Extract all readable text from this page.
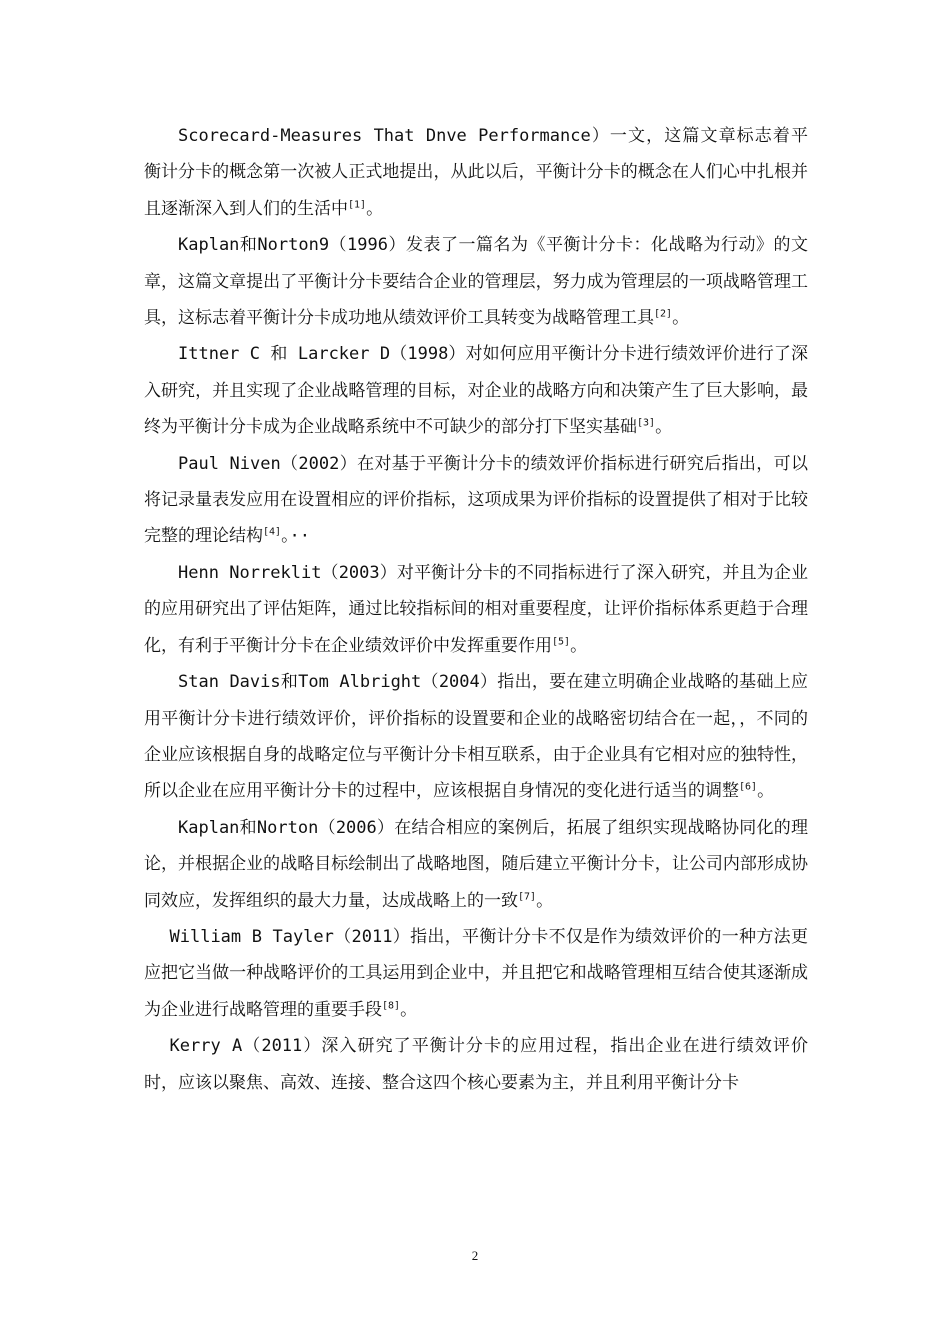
Scorecard-Measures That Dnve Performance）一文，这篇文章标志着平衡计分卡的概念第一次被人正式地提出，从此以后，平衡计分卡的概念在人们心中扎根并且逐渐深入到人们的生活中[1]。

Kaplan和Norton9（1996）发表了一篇名为《平衡计分卡：化战略为行动》的文章，这篇文章提出了平衡计分卡要结合企业的管理层，努力成为管理层的一项战略管理工具，这标志着平衡计分卡成功地从绩效评价工具转变为战略管理工具[2]。

Ittner C 和 Larcker D（1998）对如何应用平衡计分卡进行绩效评价进行了深入研究，并且实现了企业战略管理的目标，对企业的战略方向和决策产生了巨大影响，最终为平衡计分卡成为企业战略系统中不可缺少的部分打下坚实基础[3]。

Paul Niven（2002）在对基于平衡计分卡的绩效评价指标进行研究后指出，可以将记录量表发应用在设置相应的评价指标，这项成果为评价指标的设置提供了相对于比较完整的理论结构[4]。··

Henn Norreklit（2003）对平衡计分卡的不同指标进行了深入研究，并且为企业的应用研究出了评估矩阵，通过比较指标间的相对重要程度，让评价指标体系更趋于合理化，有利于平衡计分卡在企业绩效评价中发挥重要作用[5]。

Stan Davis和Tom Albright（2004）指出，要在建立明确企业战略的基础上应用平衡计分卡进行绩效评价，评价指标的设置要和企业的战略密切结合在一起，，不同的企业应该根据自身的战略定位与平衡计分卡相互联系，由于企业具有它相对应的独特性，所以企业在应用平衡计分卡的过程中，应该根据自身情况的变化进行适当的调整[6]。

Kaplan和Norton（2006）在结合相应的案例后，拓展了组织实现战略协同化的理论，并根据企业的战略目标绘制出了战略地图，随后建立平衡计分卡，让公司内部形成协同效应，发挥组织的最大力量，达成战略上的一致[7]。

William B Tayler（2011）指出，平衡计分卡不仅是作为绩效评价的一种方法更应把它当做一种战略评价的工具运用到企业中，并且把它和战略管理相互结合使其逐渐成为企业进行战略管理的重要手段[8]。

Kerry A（2011）深入研究了平衡计分卡的应用过程，指出企业在进行绩效评价时，应该以聚焦、高效、连接、整合这四个核心要素为主，并且利用平衡计分卡

2
